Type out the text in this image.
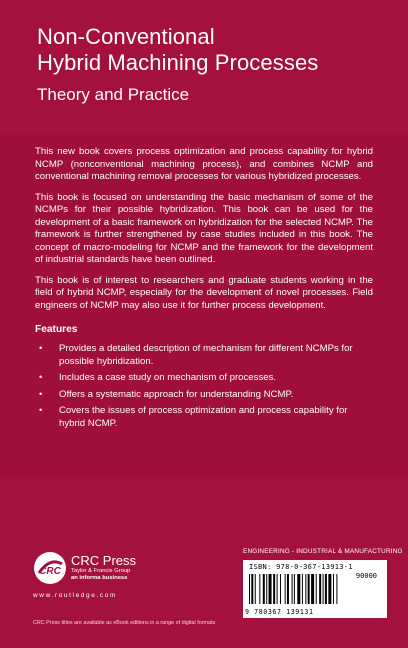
Non-Conventional
Hybrid Machining Processes
Theory and Practice

This new book covers process optimization and process capability for hybrid NCMP (nonconventional machining process), and combines NCMP and conventional machining removal processes for various hybridized processes.

This book is focused on understanding the basic mechanism of some of the NCMPs for their possible hybridization. This book can be used for the development of a basic framework on hybridization for the selected NCMP. The framework is further strengthened by case studies included in this book. The concept of macro-modeling for NCMP and the framework for the development of industrial standards have been outlined.

This book is of interest to researchers and graduate students working in the field of hybrid NCMP, especially for the development of novel processes. Field engineers of NCMP may also use it for further process development.

Features
• Provides a detailed description of mechanism for different NCMPs for possible hybridization.
• Includes a case study on mechanism of processes.
• Offers a systematic approach for understanding NCMP.
• Covers the issues of process optimization and process capability for hybrid NCMP.
CRC
CRC Press
Taylor & Francis Group
an informa business
www.routledge.com
CRC Press titles are available as eBook editions in a range of digital formats
ENGINEERING - INDUSTRIAL & MANUFACTURING
ISBN: 978-0-367-13913-1
90000
9 780367 139131
